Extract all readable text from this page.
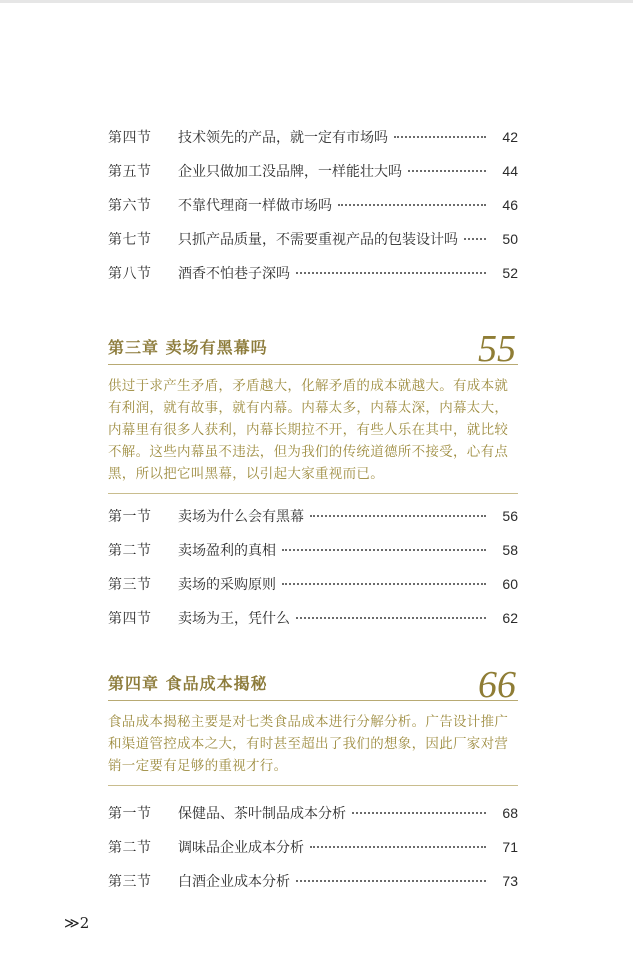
第四节	技术领先的产品，就一定有市场吗	42
第五节	企业只做加工没品牌，一样能壮大吗	44
第六节	不靠代理商一样做市场吗	46
第七节	只抓产品质量，不需要重视产品的包装设计吗	50
第八节	酒香不怕巷子深吗	52
第三章 卖场有黑幕吗	55
供过于求产生矛盾，矛盾越大，化解矛盾的成本就越大。有成本就有利润，就有故事，就有内幕。内幕太多，内幕太深，内幕太大，内幕里有很多人获利，内幕长期拉不开，有些人乐在其中，就比较不解。这些内幕虽不违法，但为我们的传统道德所不接受，心有点黑，所以把它叫黑幕，以引起大家重视而已。
第一节	卖场为什么会有黑幕	56
第二节	卖场盈利的真相	58
第三节	卖场的采购原则	60
第四节	卖场为王，凭什么	62
第四章 食品成本揭秘	66
食品成本揭秘主要是对七类食品成本进行分解分析。广告设计推广和渠道管控成本之大，有时甚至超出了我们的想象，因此厂家对营销一定要有足够的重视才行。
第一节	保健品、茶叶制品成本分析	68
第二节	调味品企业成本分析	71
第三节	白酒企业成本分析	73
≫2
